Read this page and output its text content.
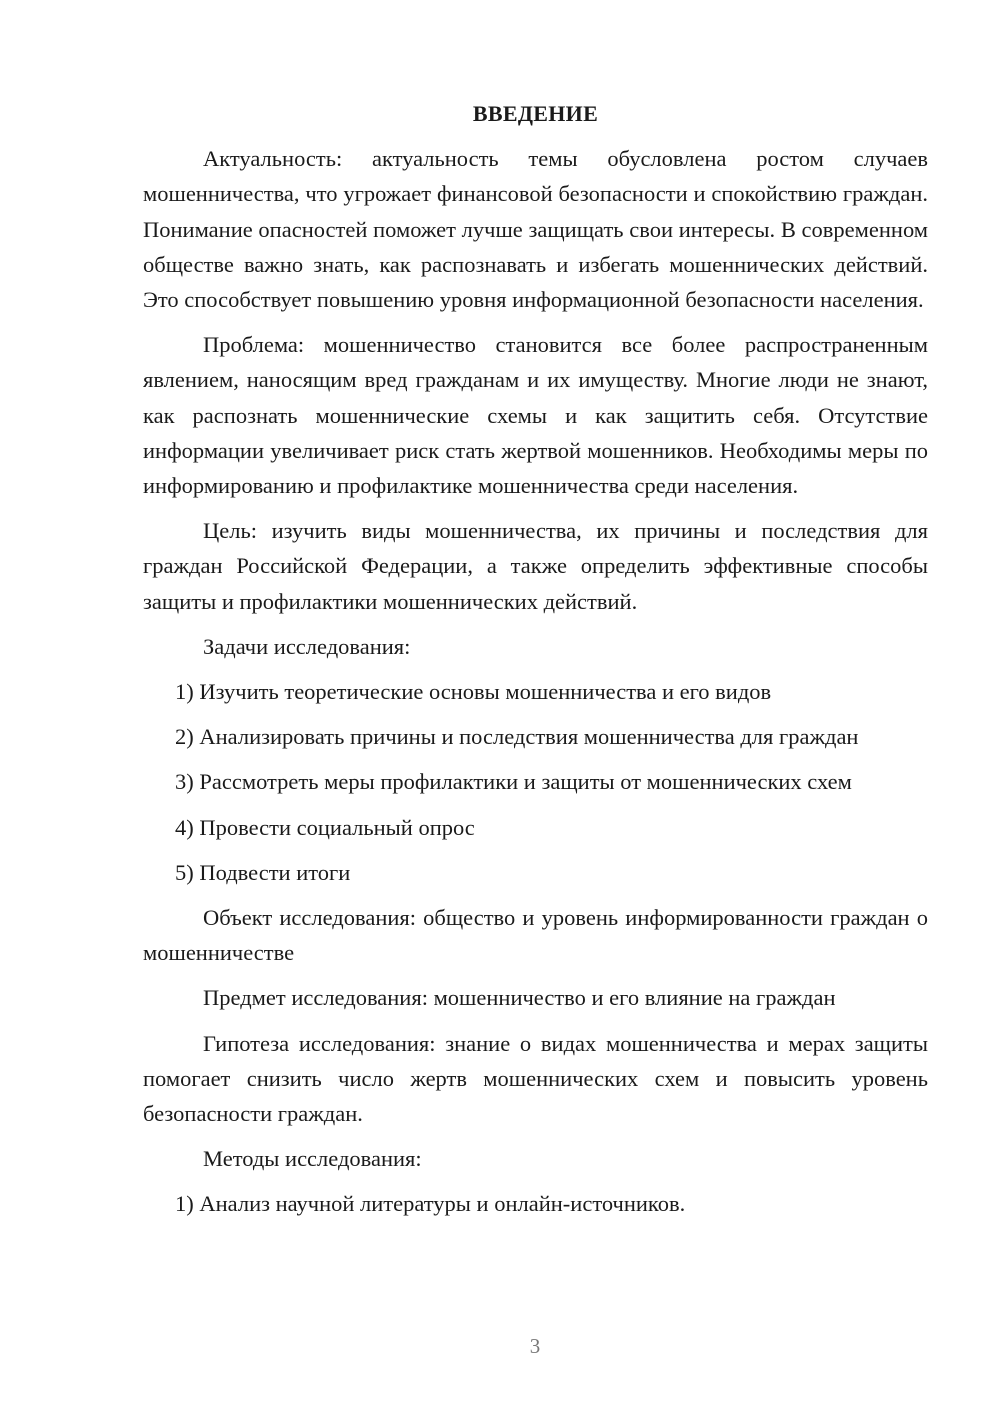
ВВЕДЕНИЕ
Актуальность: актуальность темы обусловлена ростом случаев мошенничества, что угрожает финансовой безопасности и спокойствию граждан. Понимание опасностей поможет лучше защищать свои интересы. В современном обществе важно знать, как распознавать и избегать мошеннических действий. Это способствует повышению уровня информационной безопасности населения.
Проблема: мошенничество становится все более распространенным явлением, наносящим вред гражданам и их имуществу. Многие люди не знают, как распознать мошеннические схемы и как защитить себя. Отсутствие информации увеличивает риск стать жертвой мошенников. Необходимы меры по информированию и профилактике мошенничества среди населения.
Цель: изучить виды мошенничества, их причины и последствия для граждан Российской Федерации, а также определить эффективные способы защиты и профилактики мошеннических действий.
Задачи исследования:
1) Изучить теоретические основы мошенничества и его видов
2) Анализировать причины и последствия мошенничества для граждан
3) Рассмотреть меры профилактики и защиты от мошеннических схем
4) Провести социальный опрос
5) Подвести итоги
Объект исследования: общество и уровень информированности граждан о мошенничестве
Предмет исследования: мошенничество и его влияние на граждан
Гипотеза исследования: знание о видах мошенничества и мерах защиты помогает снизить число жертв мошеннических схем и повысить уровень безопасности граждан.
Методы исследования:
1) Анализ научной литературы и онлайн-источников.
3
